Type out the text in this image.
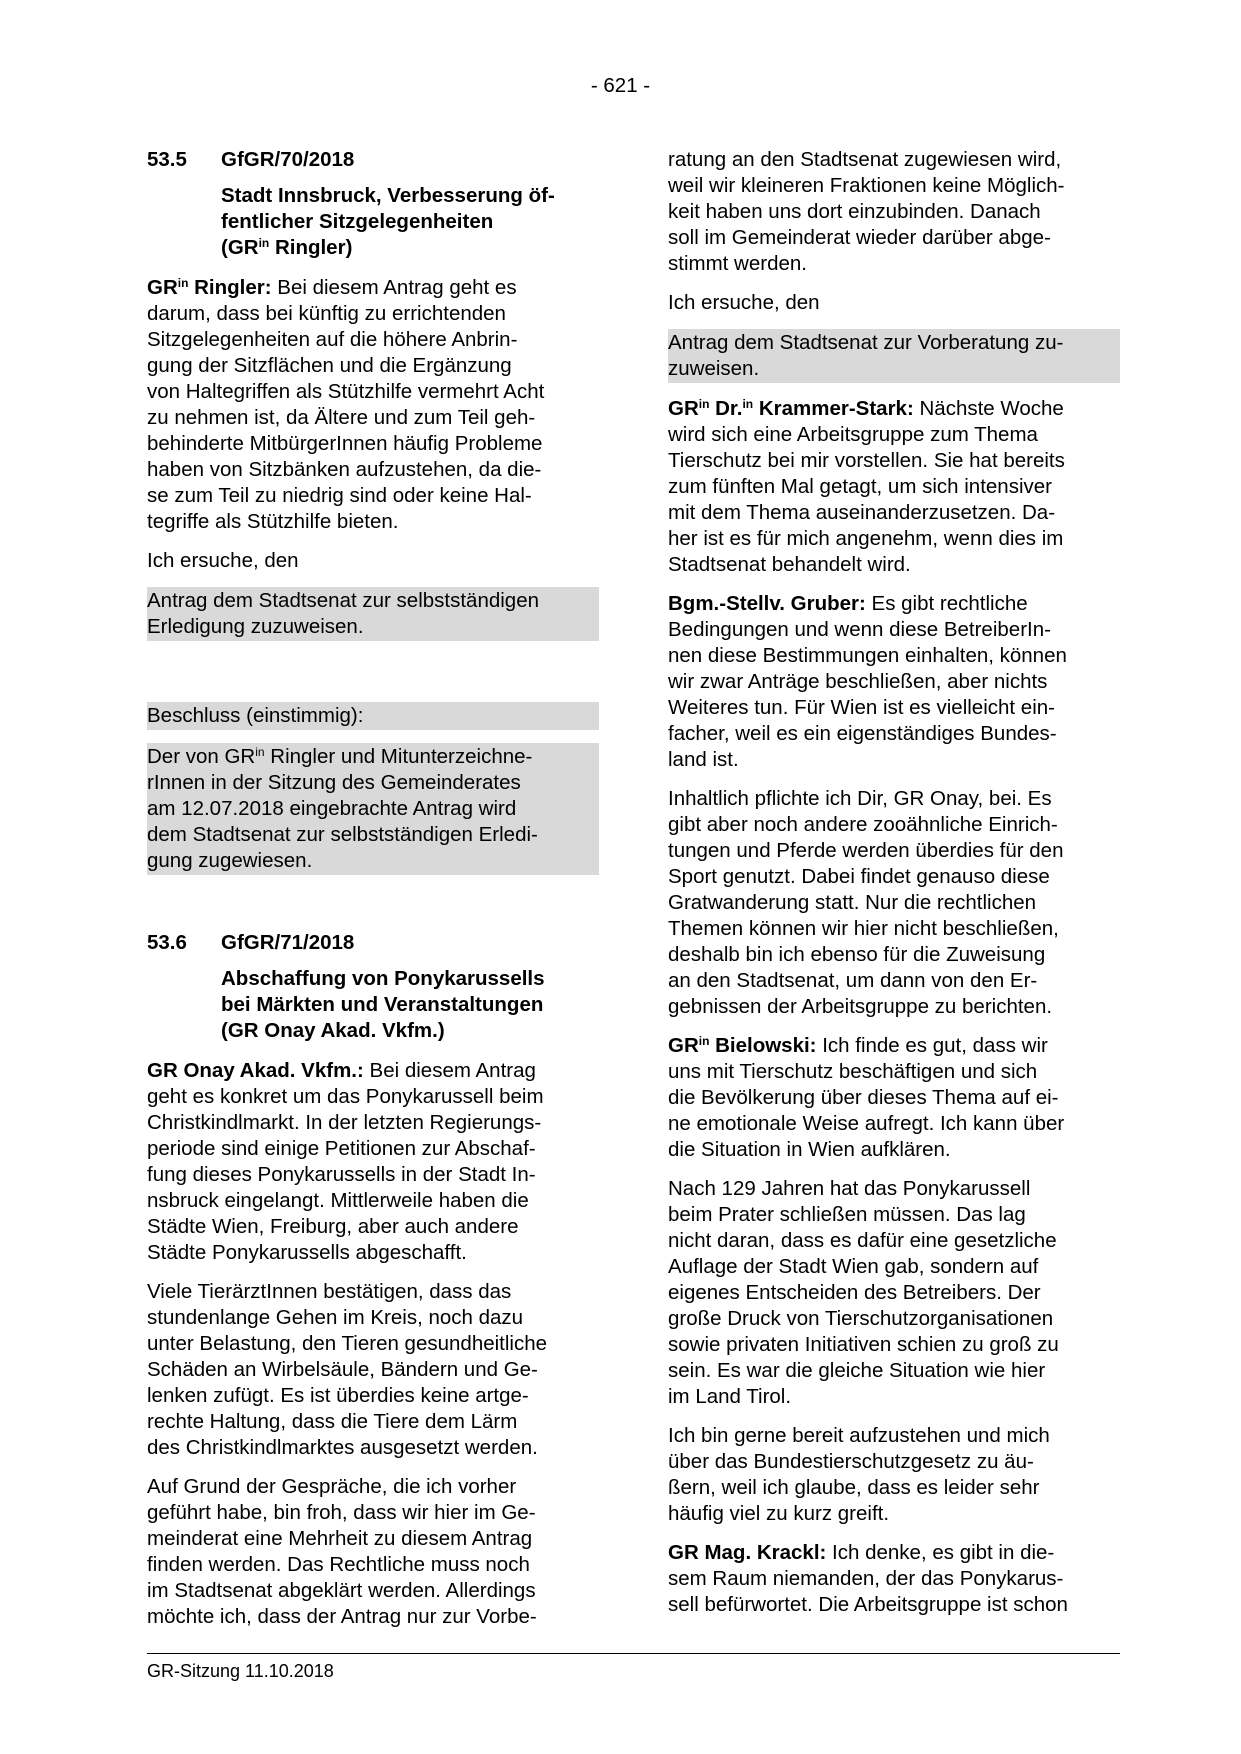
- 621 -
53.5 GfGR/70/2018
Stadt Innsbruck, Verbesserung öf-
fentlicher Sitzgelegenheiten
($GR^{in}$ Ringler)

$GR^{in}$ Ringler: Bei diesem Antrag geht es
darum, dass bei künftig zu errichtenden
Sitzgelegenheiten auf die höhere Anbrin-
gung der Sitzflächen und die Ergänzung
von Haltegriffen als Stützhilfe vermehrt Acht
zu nehmen ist, da Ältere und zum Teil geh-
behinderte MitbürgerInnen häufig Probleme
haben von Sitzbänken aufzustehen, da die-
se zum Teil zu niedrig sind oder keine Hal-
tegriffe als Stützhilfe bieten.

Ich ersuche, den

Antrag dem Stadtsenat zur selbstständigen
Erledigung zuzuweisen.
Beschluss (einstimmig):
Der von $GR^{in}$ Ringler und Mitunterzeichne-
rInnen in der Sitzung des Gemeinderates
am 12.07.2018 eingebrachte Antrag wird
dem Stadtsenat zur selbstständigen Erledi-
gung zugewiesen.
53.6 GfGR/71/2018
Abschaffung von Ponykarussells
bei Märkten und Veranstaltungen
(GR Onay Akad. Vkfm.)

GR Onay Akad. Vkfm.: Bei diesem Antrag
geht es konkret um das Ponykarussell beim
Christkindlmarkt. In der letzten Regierungs-
periode sind einige Petitionen zur Abschaf-
fung dieses Ponykarussells in der Stadt In-
nsbruck eingelangt. Mittlerweile haben die
Städte Wien, Freiburg, aber auch andere
Städte Ponykarussells abgeschafft.

Viele TierärztInnen bestätigen, dass das
stundenlange Gehen im Kreis, noch dazu
unter Belastung, den Tieren gesundheitliche
Schäden an Wirbelsäule, Bändern und Ge-
lenken zufügt. Es ist überdies keine artge-
rechte Haltung, dass die Tiere dem Lärm
des Christkindlmarktes ausgesetzt werden.

Auf Grund der Gespräche, die ich vorher
geführt habe, bin froh, dass wir hier im Ge-
meinderat eine Mehrheit zu diesem Antrag
finden werden. Das Rechtliche muss noch
im Stadtsenat abgeklärt werden. Allerdings
möchte ich, dass der Antrag nur zur Vorbe-

ratung an den Stadtsenat zugewiesen wird,
weil wir kleineren Fraktionen keine Möglich-
keit haben uns dort einzubinden. Danach
soll im Gemeinderat wieder darüber abge-
stimmt werden.

Ich ersuche, den

Antrag dem Stadtsenat zur Vorberatung zu-
zuweisen.

$GR^{in}$ Dr.$^{in}$ Krammer-Stark: Nächste Woche
wird sich eine Arbeitsgruppe zum Thema
Tierschutz bei mir vorstellen. Sie hat bereits
zum fünften Mal getagt, um sich intensiver
mit dem Thema auseinanderzusetzen. Da-
her ist es für mich angenehm, wenn dies im
Stadtsenat behandelt wird.

Bgm.-Stellv. Gruber: Es gibt rechtliche
Bedingungen und wenn diese BetreiberIn-
nen diese Bestimmungen einhalten, können
wir zwar Anträge beschließen, aber nichts
Weiteres tun. Für Wien ist es vielleicht ein-
facher, weil es ein eigenständiges Bundes-
land ist.

Inhaltlich pflichte ich Dir, GR Onay, bei. Es
gibt aber noch andere zooähnliche Einrich-
tungen und Pferde werden überdies für den
Sport genutzt. Dabei findet genauso diese
Gratwanderung statt. Nur die rechtlichen
Themen können wir hier nicht beschließen,
deshalb bin ich ebenso für die Zuweisung
an den Stadtsenat, um dann von den Er-
gebnissen der Arbeitsgruppe zu berichten.

$GR^{in}$ Bielowski: Ich finde es gut, dass wir
uns mit Tierschutz beschäftigen und sich
die Bevölkerung über dieses Thema auf ei-
ne emotionale Weise aufregt. Ich kann über
die Situation in Wien aufklären.

Nach 129 Jahren hat das Ponykarussell
beim Prater schließen müssen. Das lag
nicht daran, dass es dafür eine gesetzliche
Auflage der Stadt Wien gab, sondern auf
eigenes Entscheiden des Betreibers. Der
große Druck von Tierschutzorganisationen
sowie privaten Initiativen schien zu groß zu
sein. Es war die gleiche Situation wie hier
im Land Tirol.

Ich bin gerne bereit aufzustehen und mich
über das Bundestierschutzgesetz zu äu-
ßern, weil ich glaube, dass es leider sehr
häufig viel zu kurz greift.

GR Mag. Krackl: Ich denke, es gibt in die-
sem Raum niemanden, der das Ponykarus-
sell befürwortet. Die Arbeitsgruppe ist schon

GR-Sitzung 11.10.2018
